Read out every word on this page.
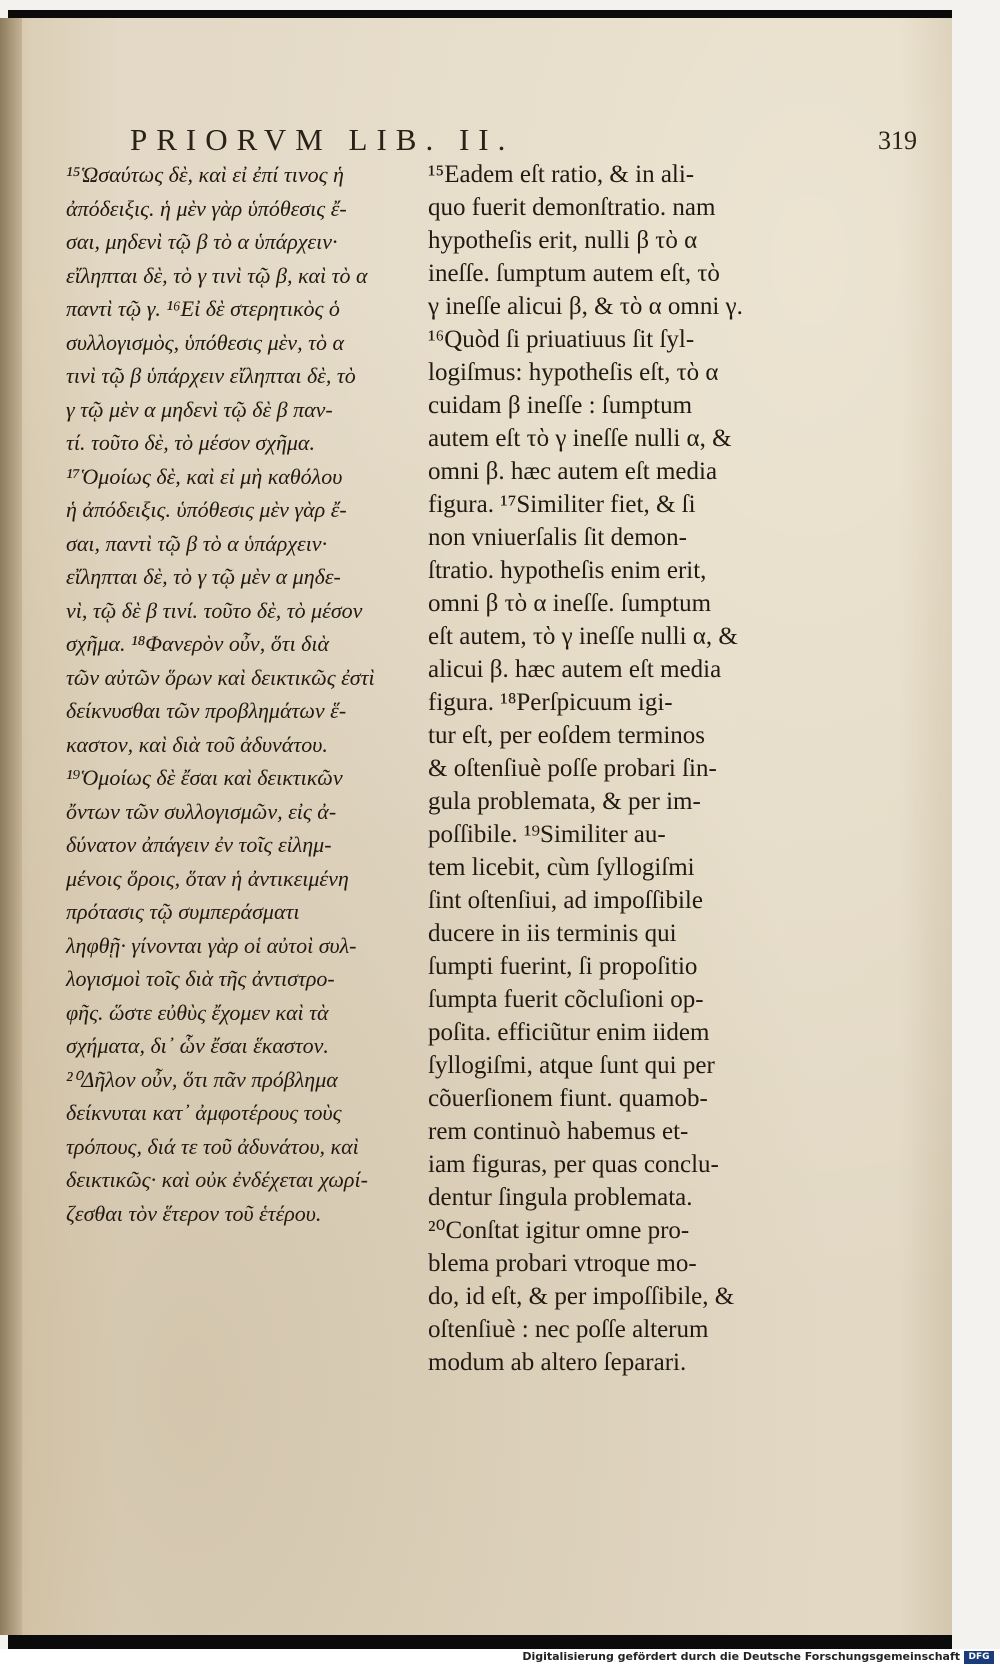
PRIORVM LIB. II.	319
¹⁵Ὡσαύτως δὲ, καὶ εἰ ἐπί τινος ἡ
ἀπόδειξις. ἡ μὲν γὰρ ὑπόθεσις ἔ-
σαι, μηδενὶ τῷ β τὸ α ὑπάρχειν·
εἴληπται δὲ, τὸ γ τινὶ τῷ β, καὶ τὸ α
παντὶ τῷ γ. ¹⁶Εἰ δὲ στερητικὸς ὁ
συλλογισμὸς, ὑπόθεσις μὲν, τὸ α
τινὶ τῷ β ὑπάρχειν εἴληπται δὲ, τὸ
γ τῷ μὲν α μηδενὶ τῷ δὲ β παν-
τί. τοῦτο δὲ, τὸ μέσον σχῆμα.
¹⁷Ὁμοίως δὲ, καὶ εἰ μὴ καθόλου
ἡ ἀπόδειξις. ὑπόθεσις μὲν γὰρ ἔ-
σαι, παντὶ τῷ β τὸ α ὑπάρχειν·
εἴληπται δὲ, τὸ γ τῷ μὲν α μηδε-
νὶ, τῷ δὲ β τινί. τοῦτο δὲ, τὸ μέσον
σχῆμα. ¹⁸Φανερὸν οὖν, ὅτι διὰ
τῶν αὐτῶν ὅρων καὶ δεικτικῶς ἐστὶ
δείκνυσθαι τῶν προβλημάτων ἕ-
καστον, καὶ διὰ τοῦ ἀδυνάτου.
¹⁹Ὁμοίως δὲ ἔσαι καὶ δεικτικῶν
ὄντων τῶν συλλογισμῶν, εἰς ἀ-
δύνατον ἀπάγειν ἐν τοῖς εἰλημ-
μένοις ὅροις, ὅταν ἡ ἀντικειμένη
πρότασις τῷ συμπεράσματι
ληφθῇ· γίνονται γὰρ οἱ αὐτοὶ συλ-
λογισμοὶ τοῖς διὰ τῆς ἀντιστρο-
φῆς. ὥστε εὐθὺς ἔχομεν καὶ τὰ
σχήματα, δι᾽ ὧν ἔσαι ἕκαστον.
²⁰Δῆλον οὖν, ὅτι πᾶν πρόβλημα
δείκνυται κατ᾽ ἀμφοτέρους τοὺς
τρόπους, διά τε τοῦ ἀδυνάτου, καὶ
δεικτικῶς· καὶ οὐκ ἐνδέχεται χωρί-
ζεσθαι τὸν ἕτερον τοῦ ἑτέρου.
¹⁵Eadem eſt ratio, & in ali-
quo fuerit demonſtratio. nam
hypotheſis erit, nulli β τὸ α
ineſſe. ſumptum autem eſt, τὸ
γ ineſſe alicui β, & τὸ α omni γ.
¹⁶Quòd ſi priuatiuus ſit ſyl-
logiſmus: hypotheſis eſt, τὸ α
cuidam β ineſſe : ſumptum
autem eſt τὸ γ ineſſe nulli α, &
omni β. hæc autem eſt media
figura. ¹⁷Similiter fiet, & ſi
non vniuerſalis ſit demon-
ſtratio. hypotheſis enim erit,
omni β τὸ α ineſſe. ſumptum
eſt autem, τὸ γ ineſſe nulli α, &
alicui β. hæc autem eſt media
figura. ¹⁸Perſpicuum igi-
tur eſt, per eoſdem terminos
& oſtenſiuè poſſe probari ſin-
gula problemata, & per im-
poſſibile. ¹⁹Similiter au-
tem licebit, cùm ſyllogiſmi
ſint oſtenſiui, ad impoſſibile
ducere in iis terminis qui
ſumpti fuerint, ſi propoſitio
ſumpta fuerit cõcluſioni op-
poſita. efficiũtur enim iidem
ſyllogiſmi, atque ſunt qui per
cõuerſionem fiunt. quamob-
rem continuò habemus et-
iam figuras, per quas conclu-
dentur ſingula problemata.
²⁰Conſtat igitur omne pro-
blema probari vtroque mo-
do, id eſt, & per impoſſibile, &
oſtenſiuè : nec poſſe alterum
modum ab altero ſeparari.
Digitalisierung gefördert durch die Deutsche Forschungsgemeinschaft DFG
